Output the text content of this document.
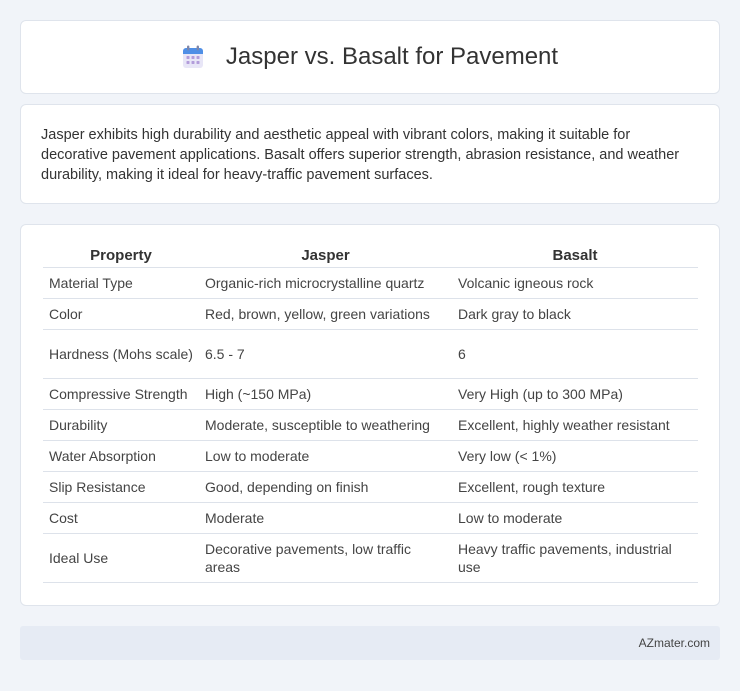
Jasper vs. Basalt for Pavement

Jasper exhibits high durability and aesthetic appeal with vibrant colors, making it suitable for decorative pavement applications. Basalt offers superior strength, abrasion resistance, and weather durability, making it ideal for heavy-traffic pavement surfaces.

Property	Jasper	Basalt
Material Type	Organic-rich microcrystalline quartz	Volcanic igneous rock
Color	Red, brown, yellow, green variations	Dark gray to black
Hardness (Mohs scale)	6.5 - 7	6
Compressive Strength	High (~150 MPa)	Very High (up to 300 MPa)
Durability	Moderate, susceptible to weathering	Excellent, highly weather resistant
Water Absorption	Low to moderate	Very low (< 1%)
Slip Resistance	Good, depending on finish	Excellent, rough texture
Cost	Moderate	Low to moderate
Ideal Use	Decorative pavements, low traffic areas	Heavy traffic pavements, industrial use
AZmater.com
